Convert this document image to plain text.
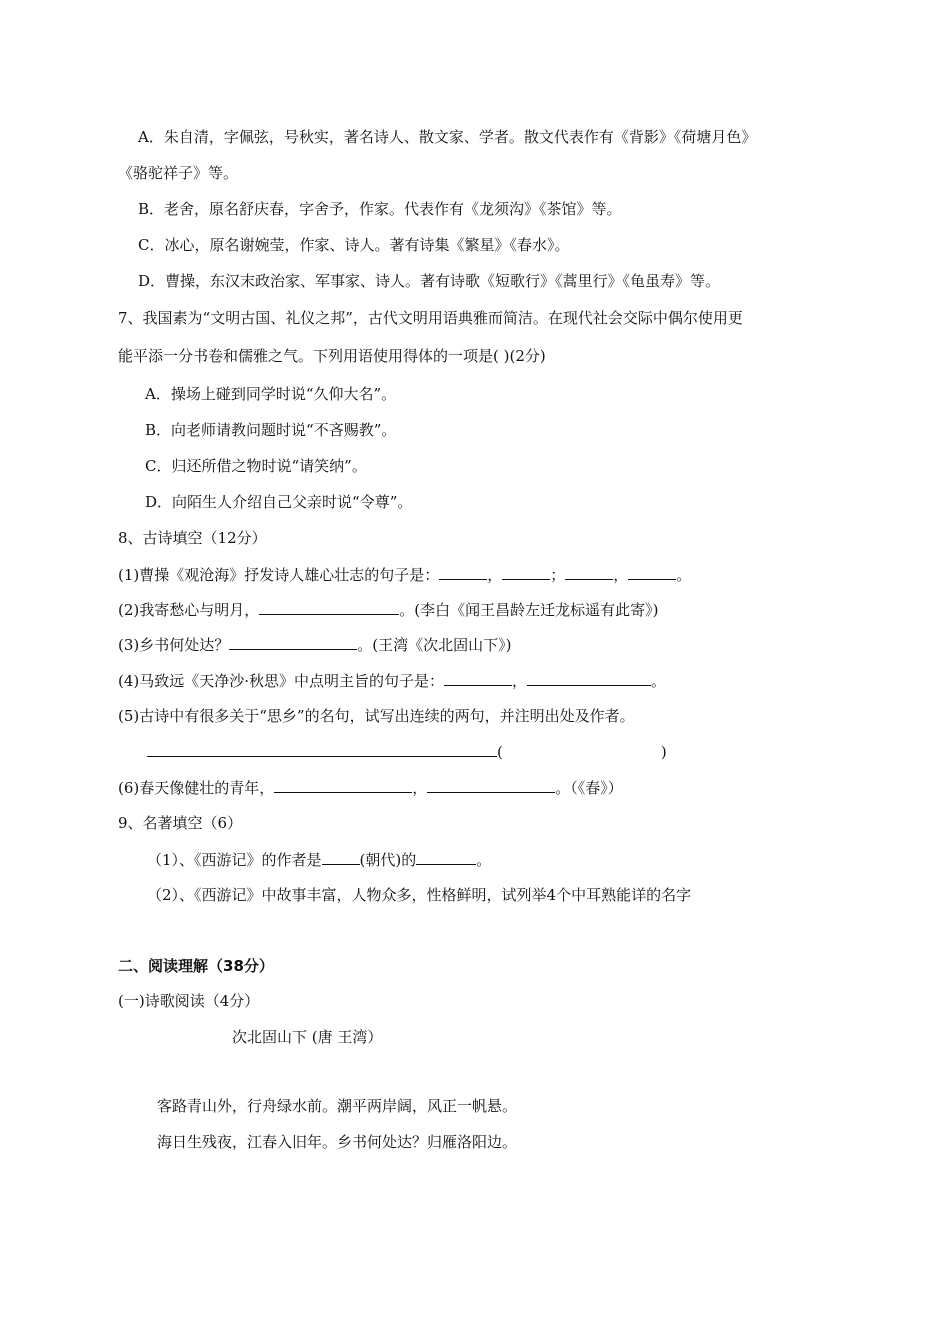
A．朱自清，字佩弦，号秋实，著名诗人、散文家、学者。散文代表作有《背影》《荷塘月色》
《骆驼祥子》等。
B．老舍，原名舒庆春，字舍予，作家。代表作有《龙须沟》《茶馆》等。
C．冰心，原名谢婉莹，作家、诗人。著有诗集《繁星》《春水》。
D．曹操，东汉末政治家、军事家、诗人。著有诗歌《短歌行》《蒿里行》《龟虽寿》等。
7、我国素为“文明古国、礼仪之邦”，古代文明用语典雅而简洁。在现代社会交际中偶尔使用更
能平添一分书卷和儒雅之气。下列用语使用得体的一项是( )(2分)
A．操场上碰到同学时说“久仰大名”。
B．向老师请教问题时说“不吝赐教”。
C．归还所借之物时说“请笑纳”。
D．向陌生人介绍自己父亲时说“令尊”。
8、古诗填空（12分）
(1)曹操《观沧海》抒发诗人雄心壮志的句子是：	，	；	，	。
(2)我寄愁心与明月，	。(李白《闻王昌龄左迁龙标遥有此寄》)
(3)乡书何处达？	。(王湾《次北固山下》)
(4)马致远《天净沙·秋思》中点明主旨的句子是：	，	。
(5)古诗中有很多关于“思乡”的名句，试写出连续的两句，并注明出处及作者。
(	)
(6)春天像健壮的青年，	，	。（《春》）
9、名著填空（6）
（1）、《西游记》的作者是	(朝代)的	。
（2）、《西游记》中故事丰富，人物众多，性格鲜明，试列举4个中耳熟能详的名字
二、阅读理解（38分）
(一)诗歌阅读（4分）
次北固山下 (唐 王湾）
客路青山外，行舟绿水前。潮平两岸阔，风正一帆悬。
海日生残夜，江春入旧年。乡书何处达？归雁洛阳边。
